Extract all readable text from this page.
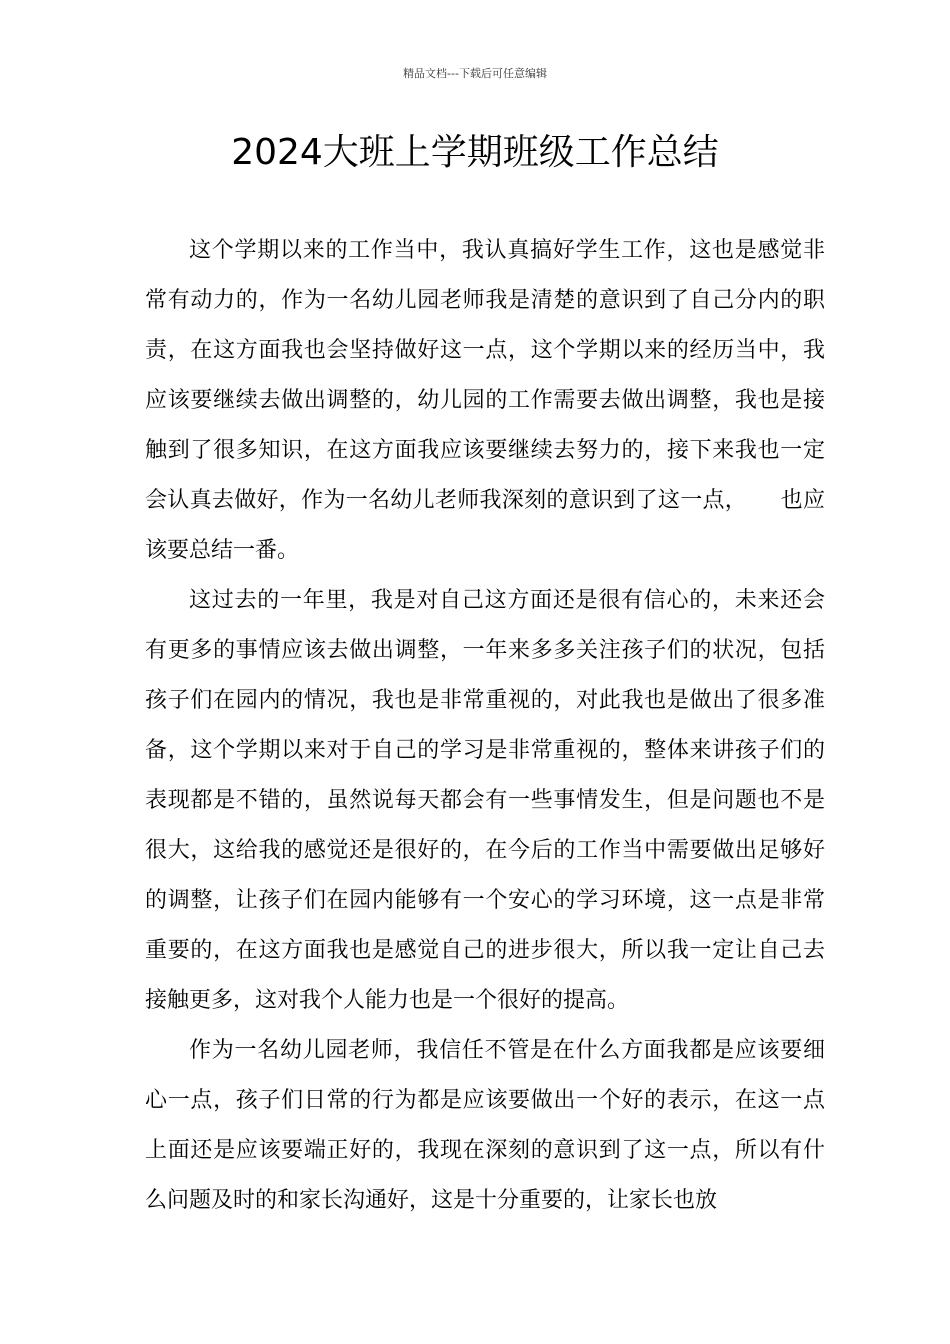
精品文档---下载后可任意编辑
2024大班上学期班级工作总结

这个学期以来的工作当中，我认真搞好学生工作，这也是感觉非常有动力的，作为一名幼儿园老师我是清楚的意识到了自己分内的职责，在这方面我也会坚持做好这一点，这个学期以来的经历当中，我应该要继续去做出调整的，幼儿园的工作需要去做出调整，我也是接触到了很多知识，在这方面我应该要继续去努力的，接下来我也一定会认真去做好，作为一名幼儿老师我深刻的意识到了这一点，　　也应该要总结一番。

这过去的一年里，我是对自己这方面还是很有信心的，未来还会有更多的事情应该去做出调整，一年来多多关注孩子们的状况，包括孩子们在园内的情况，我也是非常重视的，对此我也是做出了很多准备，这个学期以来对于自己的学习是非常重视的，整体来讲孩子们的表现都是不错的，虽然说每天都会有一些事情发生，但是问题也不是很大，这给我的感觉还是很好的，在今后的工作当中需要做出足够好的调整，让孩子们在园内能够有一个安心的学习环境，这一点是非常重要的，在这方面我也是感觉自己的进步很大，所以我一定让自己去接触更多，这对我个人能力也是一个很好的提高。

作为一名幼儿园老师，我信任不管是在什么方面我都是应该要细心一点，孩子们日常的行为都是应该要做出一个好的表示，在这一点上面还是应该要端正好的，我现在深刻的意识到了这一点，所以有什么问题及时的和家长沟通好，这是十分重要的，让家长也放
